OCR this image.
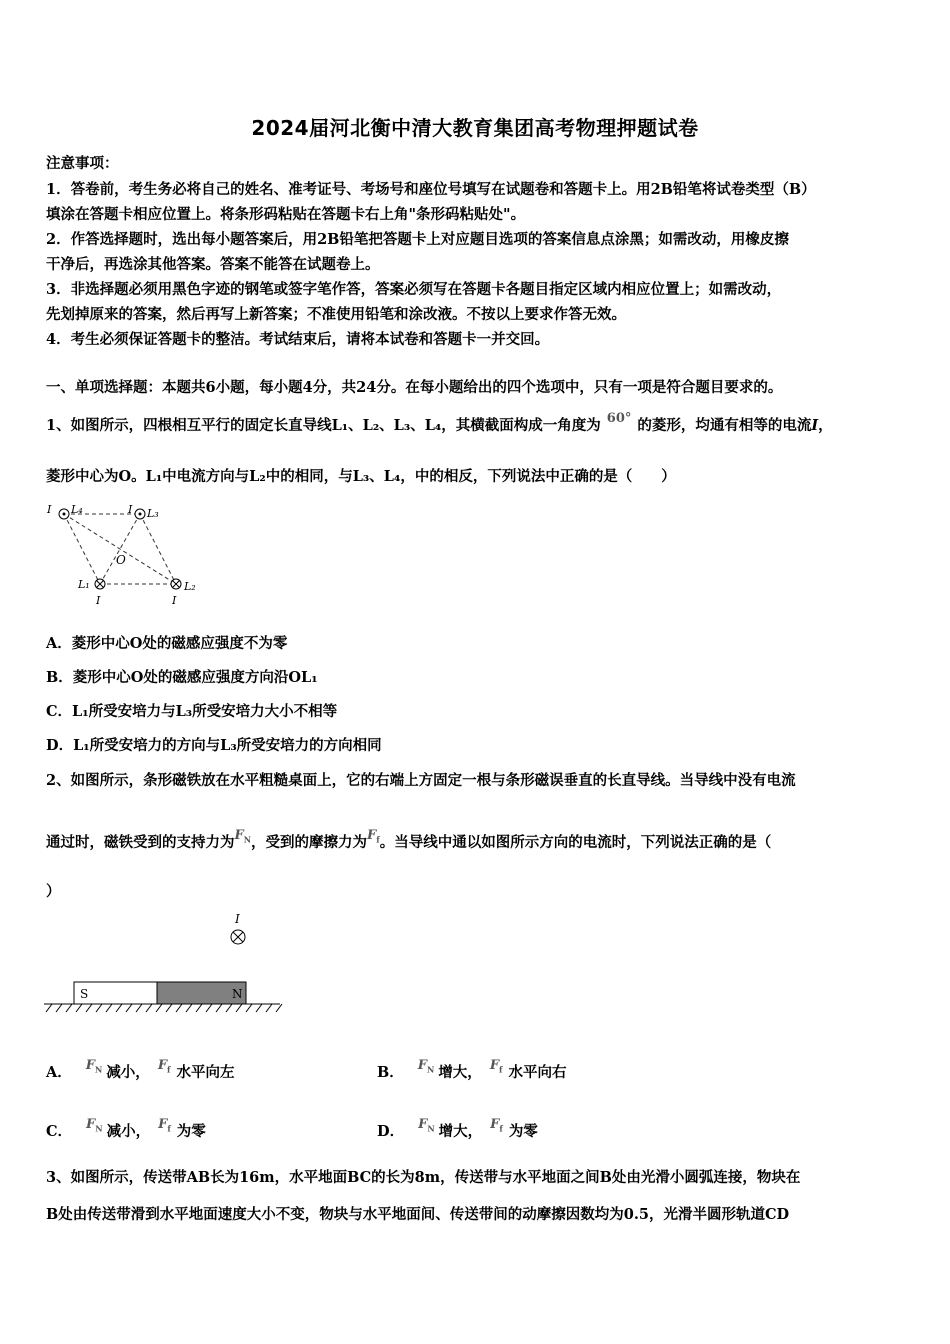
2024届河北衡中清大教育集团高考物理押题试卷
注意事项：
1．答卷前，考生务必将自己的姓名、准考证号、考场号和座位号填写在试题卷和答题卡上。用2B铅笔将试卷类型（B）
填涂在答题卡相应位置上。将条形码粘贴在答题卡右上角"条形码粘贴处"。
2．作答选择题时，选出每小题答案后，用2B铅笔把答题卡上对应题目选项的答案信息点涂黑；如需改动，用橡皮擦
干净后，再选涂其他答案。答案不能答在试题卷上。
3．非选择题必须用黑色字迹的钢笔或签字笔作答，答案必须写在答题卡各题目指定区域内相应位置上；如需改动，
先划掉原来的答案，然后再写上新答案；不准使用铅笔和涂改液。不按以上要求作答无效。
4．考生必须保证答题卡的整洁。考试结束后，请将本试卷和答题卡一并交回。
一、单项选择题：本题共6小题，每小题4分，共24分。在每小题给出的四个选项中，只有一项是符合题目要求的。
1、如图所示，四根相互平行的固定长直导线L₁、L₂、L₃、L₄，其横截面构成一角度为 60° 的菱形，均通有相等的电流I，
菱形中心为O。L₁中电流方向与L₂中的相同，与L₃、L₄，中的相反，下列说法中正确的是（　　）
I L₄	I L₃
O
L₁
I
L₂
I
A．菱形中心O处的磁感应强度不为零
B．菱形中心O处的磁感应强度方向沿OL₁
C．L₁所受安培力与L₃所受安培力大小不相等
D．L₁所受安培力的方向与L₃所受安培力的方向相同
2、如图所示，条形磁铁放在水平粗糙桌面上，它的右端上方固定一根与条形磁误垂直的长直导线。当导线中没有电流
通过时，磁铁受到的支持力为$F_N$，受到的摩擦力为$F_f$。当导线中通以如图所示方向的电流时，下列说法正确的是（
）
I
S	N
A． $F_N$ 减小， $F_f$ 水平向左	B． $F_N$ 增大， $F_f$ 水平向右
C． $F_N$ 减小， $F_f$ 为零	D． $F_N$ 增大， $F_f$ 为零
3、如图所示，传送带AB长为16m，水平地面BC的长为8m，传送带与水平地面之间B处由光滑小圆弧连接，物块在
B处由传送带滑到水平地面速度大小不变，物块与水平地面间、传送带间的动摩擦因数均为0.5，光滑半圆形轨道CD
